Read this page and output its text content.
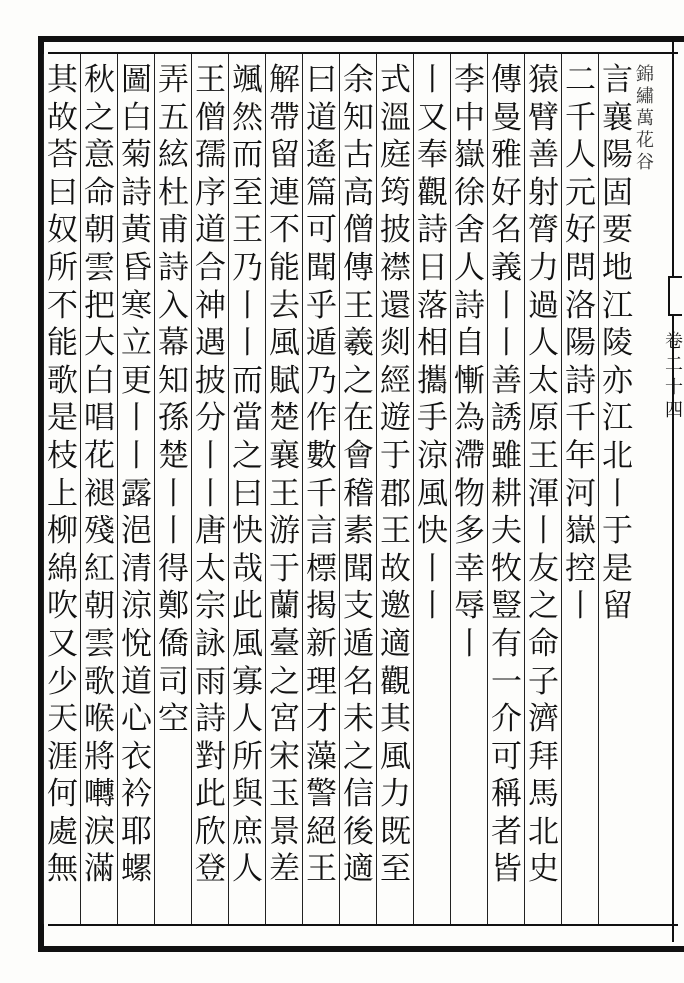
錦繡萬花谷
卷二十四
言
襄
陽
固
要
地
江
陵
亦
江
北
丨
于
是
留
二
千
人
元
好
問
洛
陽
詩
千
年
河
嶽
控
丨
猿
臂
善
射
膂
力
過
人
太
原
王
渾
丨
友
之
命
子
濟
拜
馬
北
史
傳
曼
雅
好
名
義
丨
丨
善
誘
雖
耕
夫
牧
豎
有
一
介
可
稱
者
皆
李
中
嶽
徐
舍
人
詩
自
慚
為
滯
物
多
幸
辱
丨
丨
又
奉
觀
詩
日
落
相
攜
手
涼
風
快
丨
丨
式
溫
庭
筠
披
襟
還
剡
經
遊
于
郡
王
故
邀
適
觀
其
風
力
既
至
余
知
古
高
僧
傳
王
羲
之
在
會
稽
素
聞
支
遁
名
未
之
信
後
適
曰
道
遙
篇
可
聞
乎
遁
乃
作
數
千
言
標
揭
新
理
才
藻
警
絕
王
解
帶
留
連
不
能
去
風
賦
楚
襄
王
游
于
蘭
臺
之
宮
宋
玉
景
差
颯
然
而
至
王
乃
丨
丨
而
當
之
曰
快
哉
此
風
寡
人
所
與
庶
人
王
僧
孺
序
道
合
神
遇
披
分
丨
丨
唐
太
宗
詠
雨
詩
對
此
欣
登
弄
五
絃
杜
甫
詩
入
幕
知
孫
楚
丨
丨
得
鄭
僑
司
空
圖
白
菊
詩
黃
昏
寒
立
更
丨
丨
露
浥
清
涼
悅
道
心
衣
衿
耶
螺
秋
之
意
命
朝
雲
把
大
白
唱
花
褪
殘
紅
朝
雲
歌
喉
將
囀
淚
滿
其
故
荅
曰
奴
所
不
能
歌
是
枝
上
柳
綿
吹
又
少
天
涯
何
處
無
